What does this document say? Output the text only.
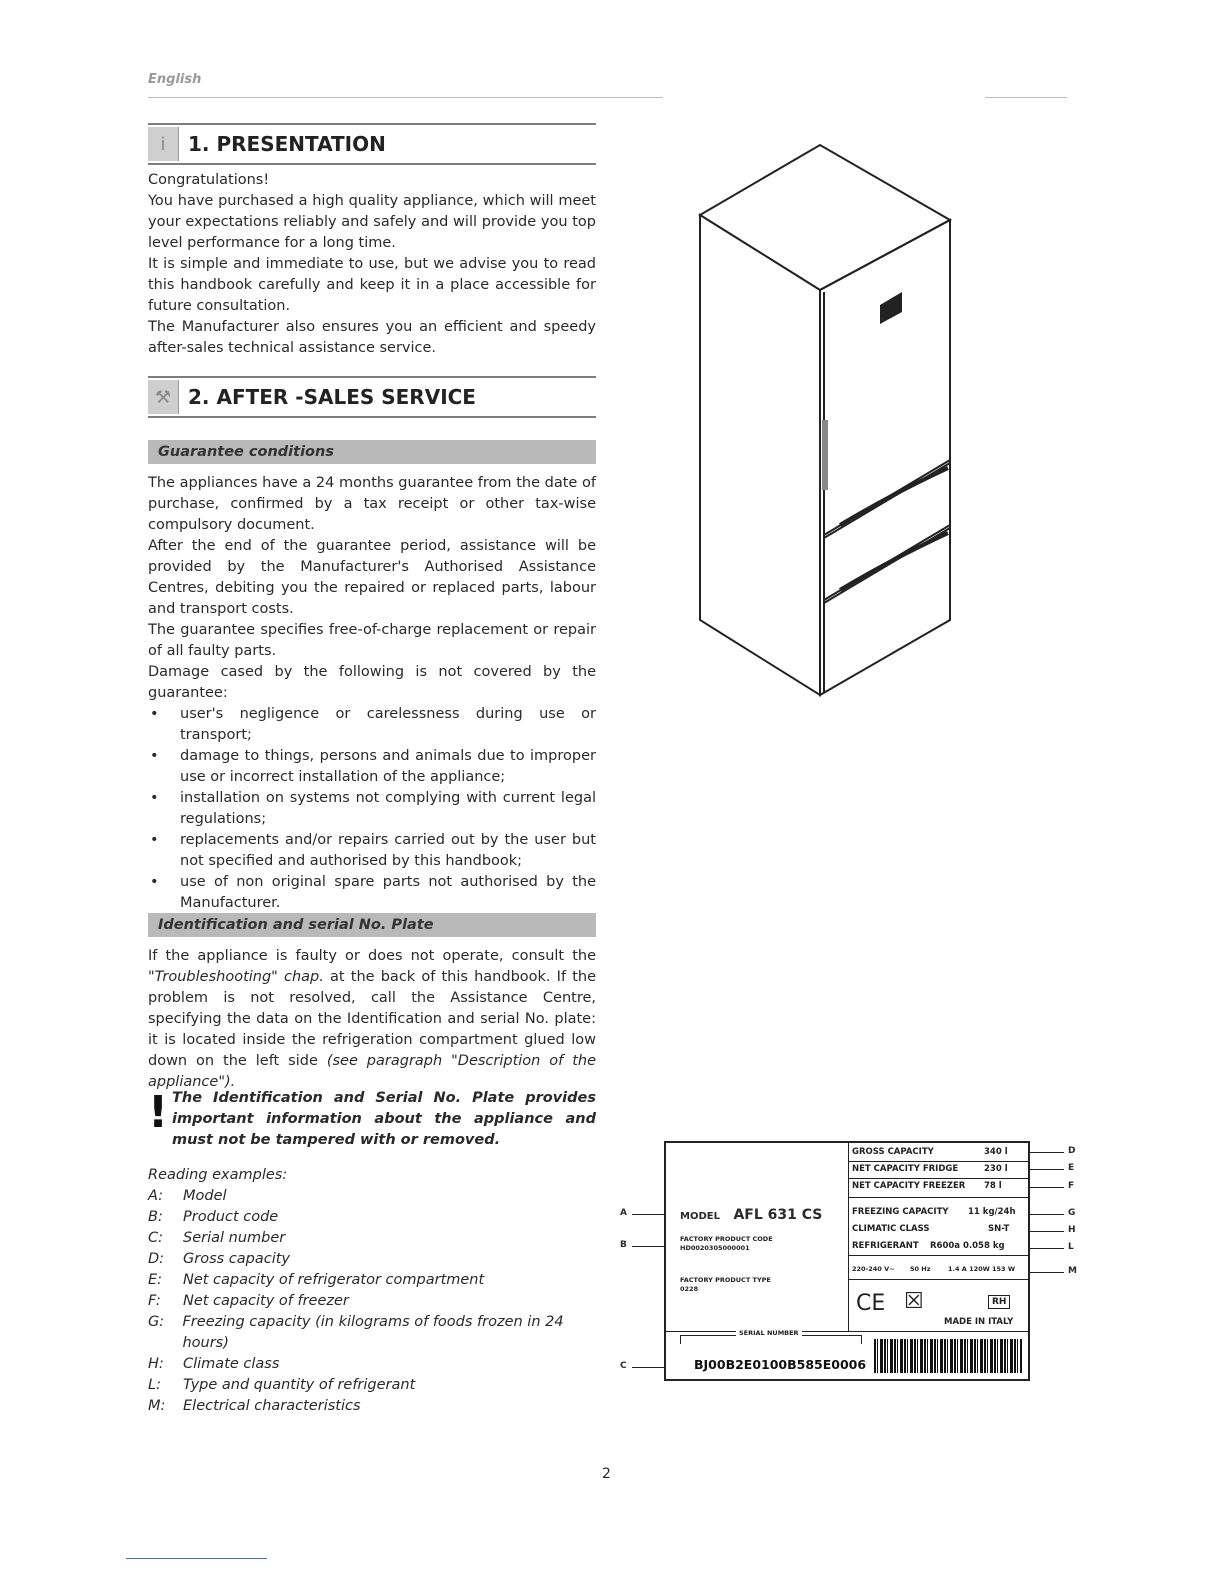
English
i	1. PRESENTATION

Congratulations!

You have purchased a high quality appliance, which will meet your expectations reliably and safely and will provide you top level performance for a long time.

It is simple and immediate to use, but we advise you to read this handbook carefully and keep it in a place accessible for future consultation.

The Manufacturer also ensures you an efficient and speedy after-sales technical assistance service.

⚒ 2. AFTER -SALES SERVICE
Guarantee conditions

The appliances have a 24 months guarantee from the date of purchase, confirmed by a tax receipt or other tax-wise compulsory document.

After the end of the guarantee period, assistance will be provided by the Manufacturer's Authorised Assistance Centres, debiting you the repaired or replaced parts, labour and transport costs.

The guarantee specifies free-of-charge replacement or repair of all faulty parts.

Damage cased by the following is not covered by the guarantee:

• user's negligence or carelessness during use or transport;
• damage to things, persons and animals due to improper use or incorrect installation of the appliance;
• installation on systems not complying with current legal regulations;
• replacements and/or repairs carried out by the user but not specified and authorised by this handbook;
• use of non original spare parts not authorised by the Manufacturer.
Identification and serial No. Plate

If the appliance is faulty or does not operate, consult the "Troubleshooting" chap. at the back of this handbook. If the problem is not resolved, call the Assistance Centre, specifying the data on the Identification and serial No. plate: it is located inside the refrigeration compartment glued low down on the left side (see paragraph "Description of the appliance").

! The Identification and Serial No. Plate provides important information about the appliance and must not be tampered with or removed.
Reading examples:
A:	Model
B:	Product code
C:	Serial number
D:	Gross capacity
E:	Net capacity of refrigerator compartment
F:	Net capacity of freezer
G:	Freezing capacity (in kilograms of foods frozen in 24 hours)
H:	Climate class
L:	Type and quantity of refrigerant
M:	Electrical characteristics
MODEL AFL 631 CS
FACTORY PRODUCT CODE
HD0020305000001
FACTORY PRODUCT TYPE
0228
GROSS CAPACITY	340 l
NET CAPACITY FRIDGE	230 l
NET CAPACITY FREEZER 78 l
FREEZING CAPACITY 11 kg/24h
CLIMATIC CLASS	SN-T
REFRIGERANT R600a 0.058 kg
220-240 V~ 50 Hz	1.4 A 120W 153 W
CE ☒	RH
MADE IN ITALY
SERIAL NUMBER
BJ00B2E0100B585E0006
A
B
C
D
E
F
G
H
L
M
2
